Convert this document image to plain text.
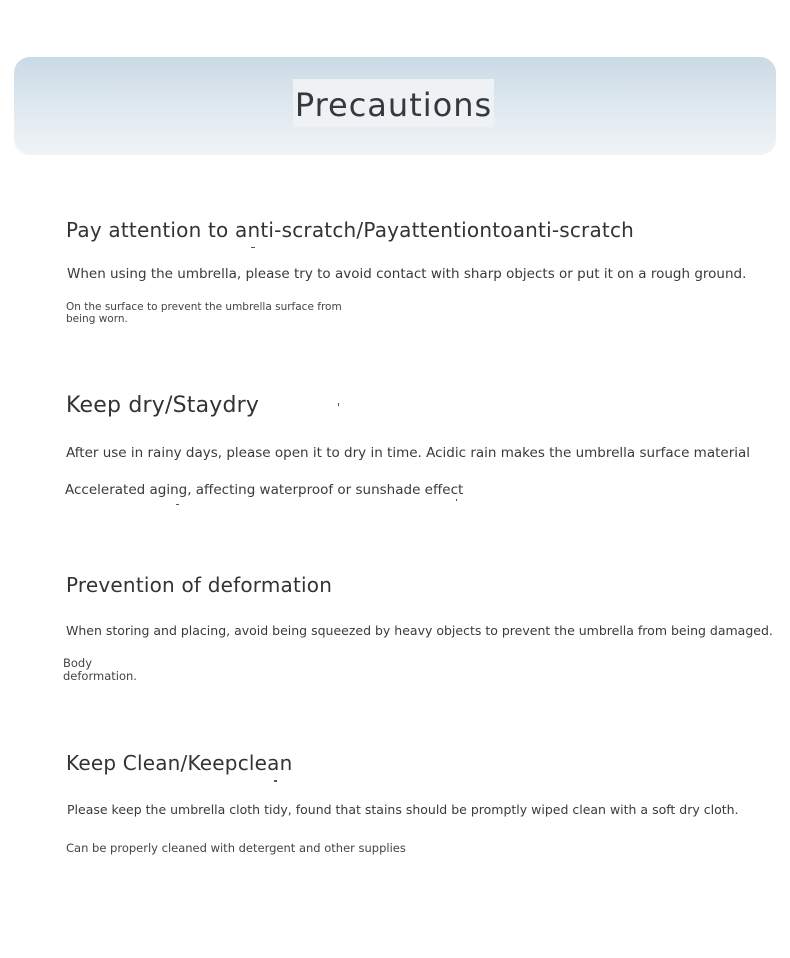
Precautions
Pay attention to anti-scratch/Payattentiontoanti-scratch
When using the umbrella, please try to avoid contact with sharp objects or put it on a rough ground.
On the surface to prevent the umbrella surface from being worn.
Keep dry/Staydry
After use in rainy days, please open it to dry in time. Acidic rain makes the umbrella surface material
Accelerated aging, affecting waterproof or sunshade effect
Prevention of deformation
When storing and placing, avoid being squeezed by heavy objects to prevent the umbrella from being damaged.
Body deformation.
Keep Clean/Keepclean
Please keep the umbrella cloth tidy, found that stains should be promptly wiped clean with a soft dry cloth.
Can be properly cleaned with detergent and other supplies
